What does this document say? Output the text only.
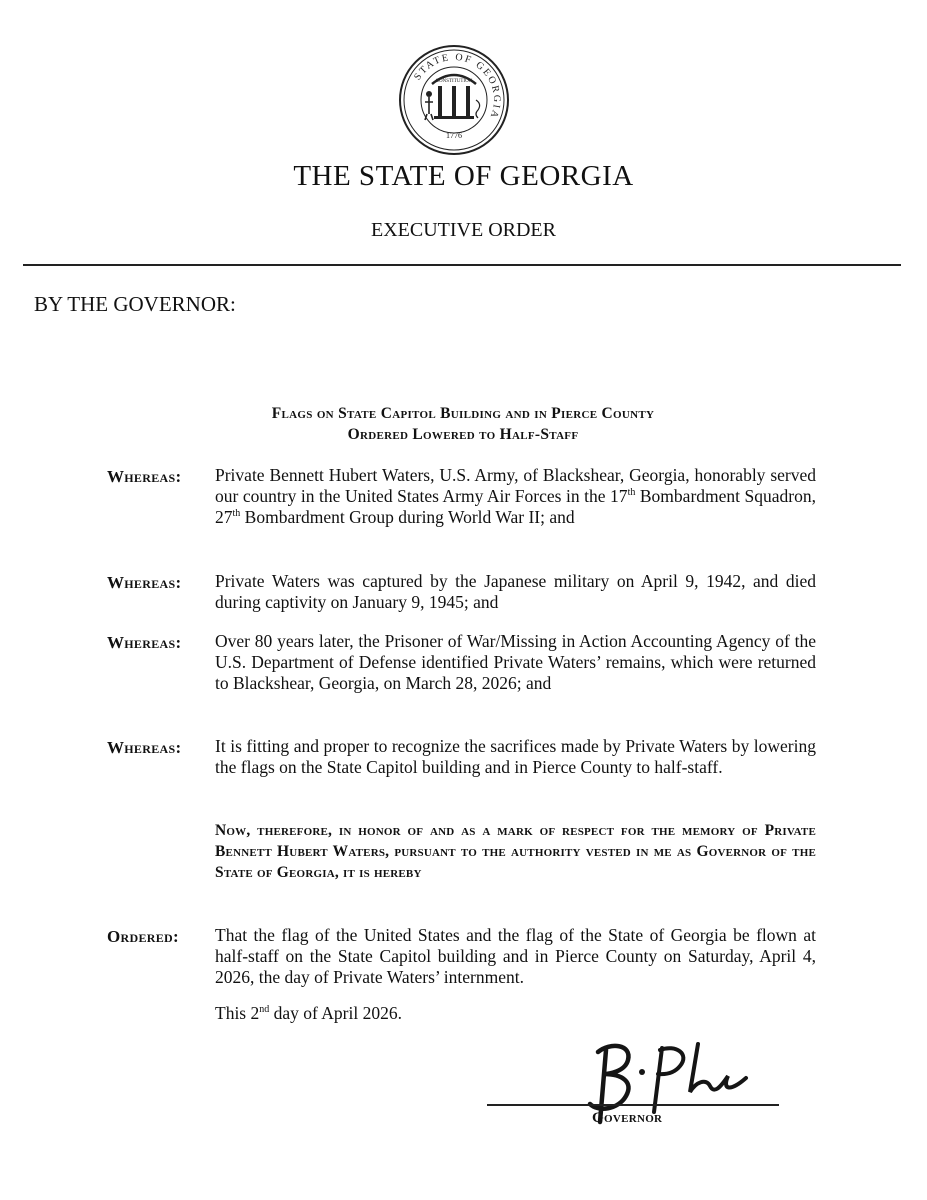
STATE OF GEORGIA
CONSTITUTION
1776
THE STATE OF GEORGIA
EXECUTIVE ORDER
BY THE GOVERNOR:
Flags on State Capitol Building and in Pierce County
Ordered Lowered to Half-Staff
Whereas: Private Bennett Hubert Waters, U.S. Army, of Blackshear, Georgia, honorably served our country in the United States Army Air Forces in the 17th Bombardment Squadron, 27th Bombardment Group during World War II; and
Whereas: Private Waters was captured by the Japanese military on April 9, 1942, and died during captivity on January 9, 1945; and
Whereas: Over 80 years later, the Prisoner of War/Missing in Action Accounting Agency of the U.S. Department of Defense identified Private Waters’ remains, which were returned to Blackshear, Georgia, on March 28, 2026; and
Whereas: It is fitting and proper to recognize the sacrifices made by Private Waters by lowering the flags on the State Capitol building and in Pierce County to half-staff.
Now, therefore, in honor of and as a mark of respect for the memory of Private Bennett Hubert Waters, pursuant to the authority vested in me as Governor of the State of Georgia, it is hereby
Ordered: That the flag of the United States and the flag of the State of Georgia be flown at half-staff on the State Capitol building and in Pierce County on Saturday, April 4, 2026, the day of Private Waters’ internment.
This 2nd day of April 2026.
Governor
